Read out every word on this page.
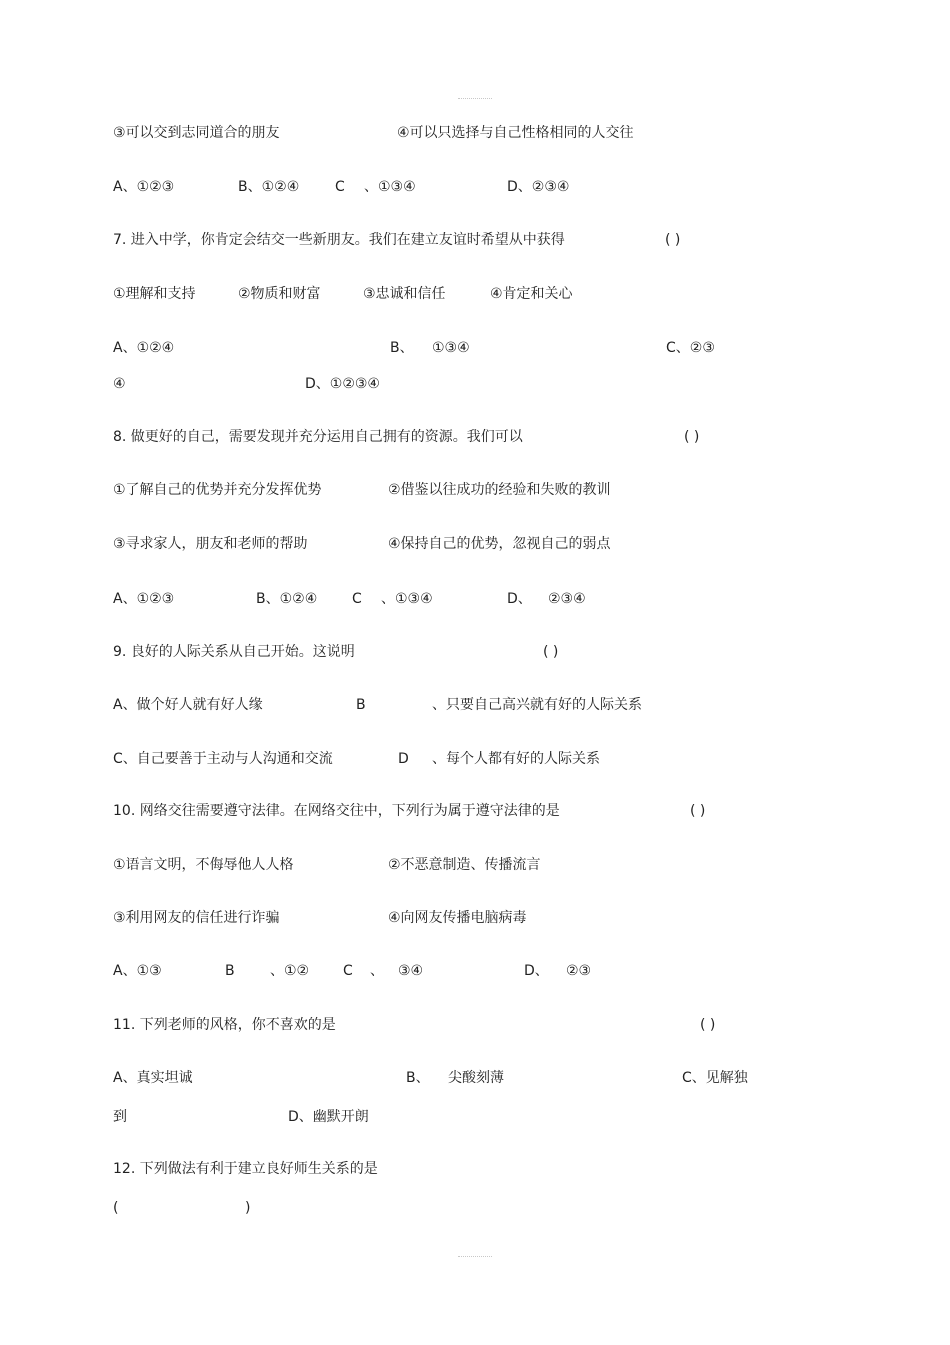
③可以交到志同道合的朋友	④可以只选择与自己性格相同的人交往
A、①②③	B、①②④	C 、①③④	D、②③④
7. 进入中学，你肯定会结交一些新朋友。我们在建立友谊时希望从中获得	( )
①理解和支持	②物质和财富	③忠诚和信任	④肯定和关心
A、①②④	B、 ①③④	C、②③
④	D、①②③④
8. 做更好的自己，需要发现并充分运用自己拥有的资源。我们可以	( )
①了解自己的优势并充分发挥优势	②借鉴以往成功的经验和失败的教训
③寻求家人，朋友和老师的帮助	④保持自己的优势，忽视自己的弱点
A、①②③	B、①②④ C 、①③④	D、 ②③④
9. 良好的人际关系从自己开始。这说明	( )
A、做个好人就有好人缘	B	、只要自己高兴就有好的人际关系
C、自己要善于主动与人沟通和交流	D 、每个人都有好的人际关系
10. 网络交往需要遵守法律。在网络交往中，下列行为属于遵守法律的是	( )
①语言文明，不侮辱他人人格	②不恶意制造、传播流言
③利用网友的信任进行诈骗	④向网友传播电脑病毒
A、①③	B	、①② C 、 ③④	D、 ②③
11. 下列老师的风格，你不喜欢的是	( )
A、真实坦诚	B、 尖酸刻薄	C、见解独
到	D、幽默开朗
12. 下列做法有利于建立良好师生关系的是
(	)
